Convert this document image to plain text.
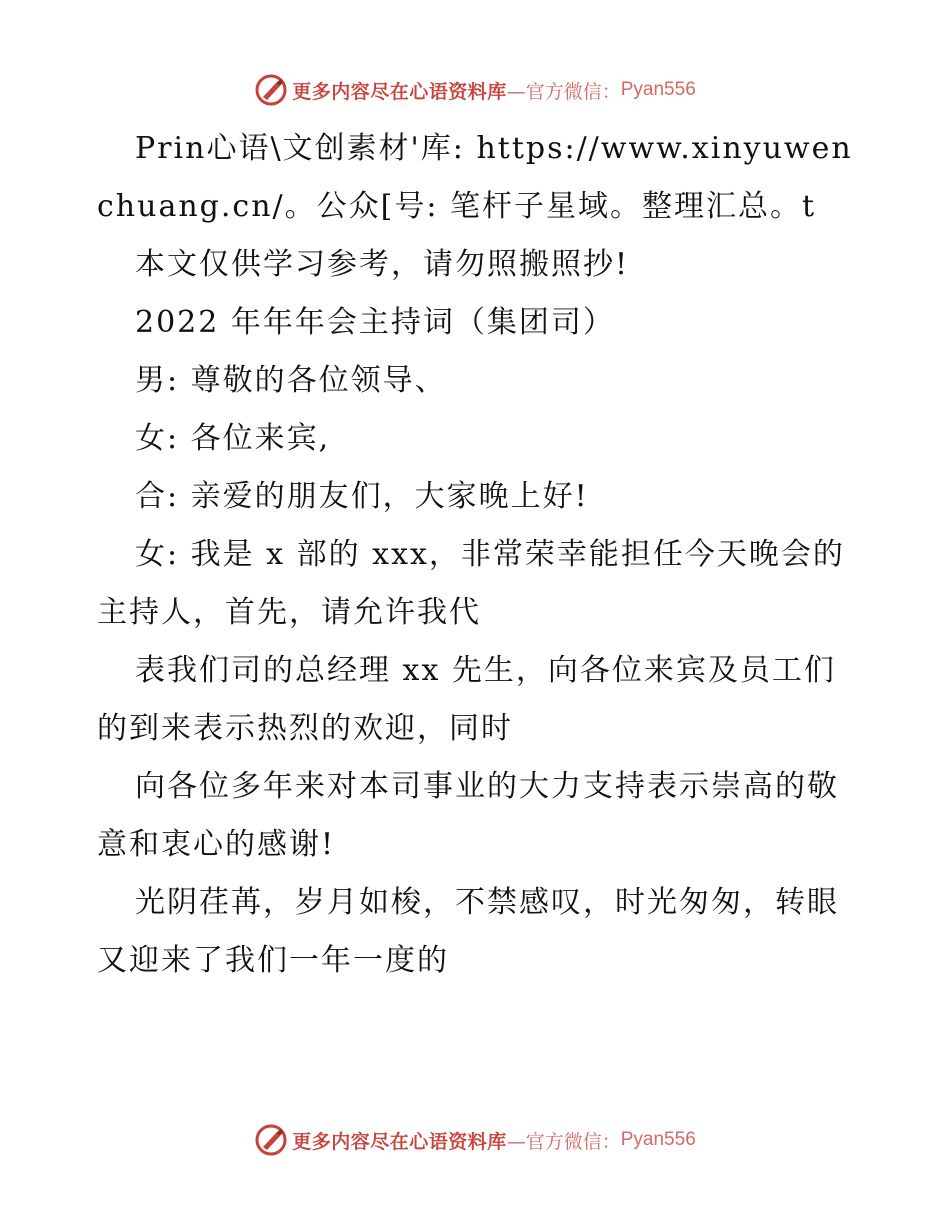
更多内容尽在心语资料库 —官方微信： Pyan556

Prin心语\文创素材'库: https://www.xinyuwenchuang.cn/。公众[号: 笔杆子星域。整理汇总。t

本文仅供学习参考，请勿照搬照抄!

2022 年年年会主持词（集团司）

男: 尊敬的各位领导、

女: 各位来宾,

合: 亲爱的朋友们，大家晚上好!

女: 我是 x 部的 xxx，非常荣幸能担任今天晚会的主持人，首先，请允许我代

表我们司的总经理 xx 先生，向各位来宾及员工们的到来表示热烈的欢迎，同时

向各位多年来对本司事业的大力支持表示崇高的敬意和衷心的感谢!

光阴荏苒，岁月如梭，不禁感叹，时光匆匆，转眼又迎来了我们一年一度的

更多内容尽在心语资料库 —官方微信： Pyan556
